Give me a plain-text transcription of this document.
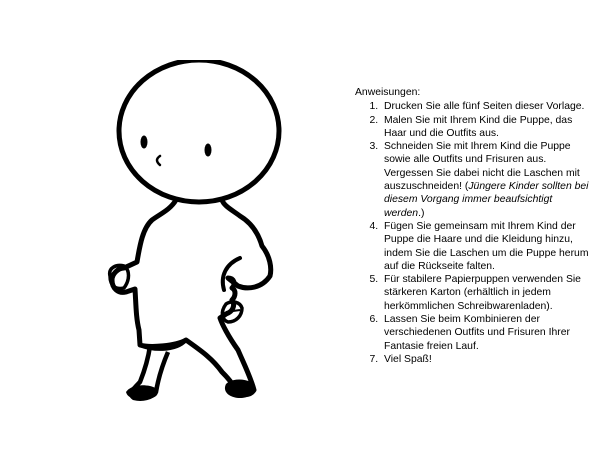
Anweisungen:
1. Drucken Sie alle fünf Seiten dieser Vorlage.
2. Malen Sie mit Ihrem Kind die Puppe, das Haar und die Outfits aus.
3. Schneiden Sie mit Ihrem Kind die Puppe sowie alle Outfits und Frisuren aus. Vergessen Sie dabei nicht die Laschen mit auszuschneiden! (Jüngere Kinder sollten bei diesem Vorgang immer beaufsichtigt werden.)
4. Fügen Sie gemeinsam mit Ihrem Kind der Puppe die Haare und die Kleidung hinzu, indem Sie die Laschen um die Puppe herum auf die Rückseite falten.
5. Für stabilere Papierpuppen verwenden Sie stärkeren Karton (erhältlich in jedem herkömmlichen Schreibwarenladen).
6. Lassen Sie beim Kombinieren der verschiedenen Outfits und Frisuren Ihrer Fantasie freien Lauf.
7. Viel Spaß!
